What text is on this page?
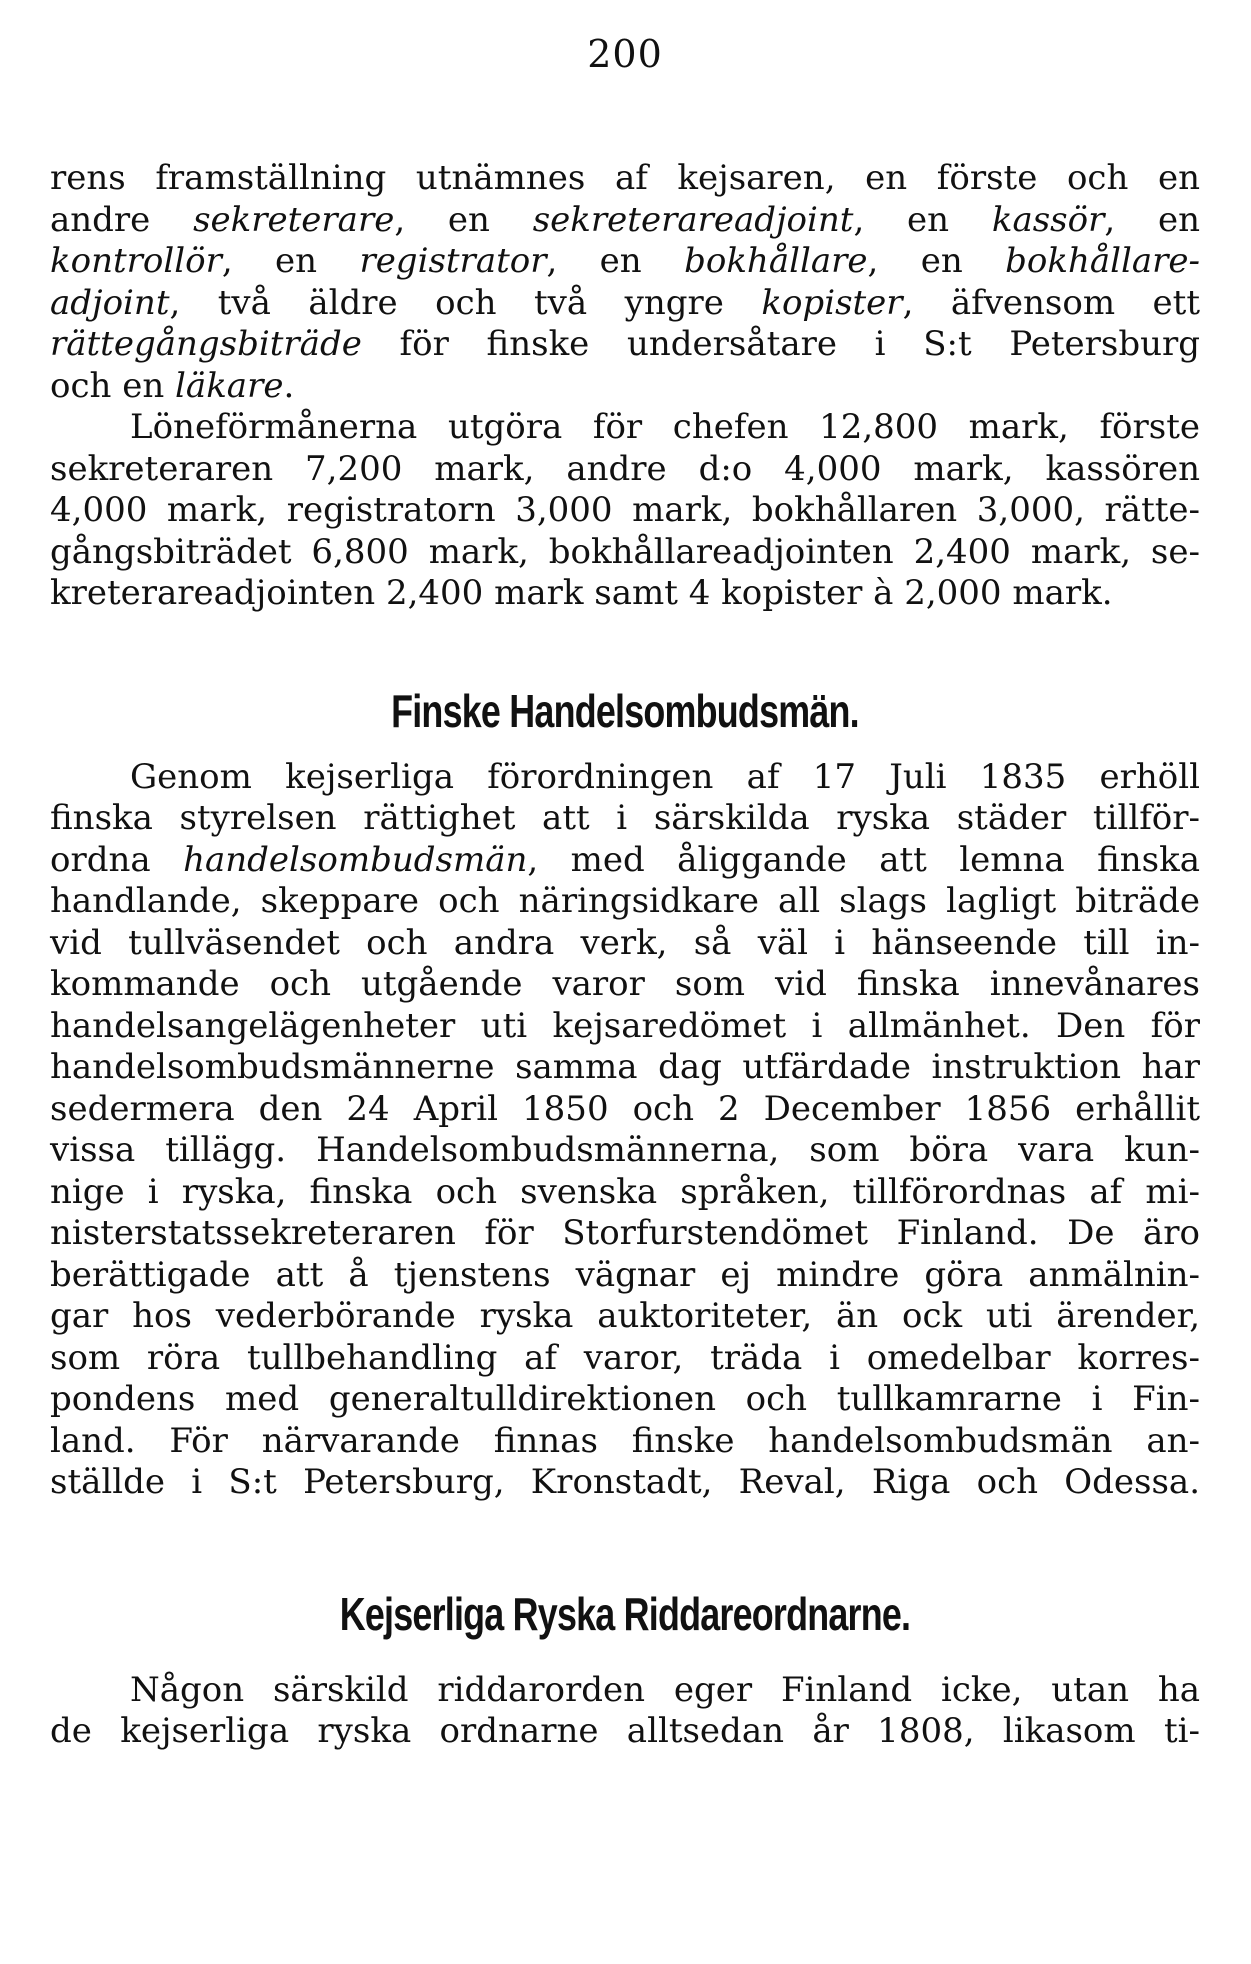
200
rens framställning utnämnes af kejsaren, en förste och en
andre sekreterare, en sekreterareadjoint, en kassör, en
kontrollör, en registrator, en bokhållare, en bokhållare-
adjoint, två äldre och två yngre kopister, äfvensom ett
rättegångsbiträde för finske undersåtare i S:t Petersburg
och en läkare.
Löneförmånerna utgöra för chefen 12,800 mark, förste
sekreteraren 7,200 mark, andre d:o 4,000 mark, kassören
4,000 mark, registratorn 3,000 mark, bokhållaren 3,000, rätte-
gångsbiträdet 6,800 mark, bokhållareadjointen 2,400 mark, se-
kreterareadjointen 2,400 mark samt 4 kopister à 2,000 mark.
Finske Handelsombudsmän.
Genom kejserliga förordningen af 17 Juli 1835 erhöll
finska styrelsen rättighet att i särskilda ryska städer tillför-
ordna handelsombudsmän, med åliggande att lemna finska
handlande, skeppare och näringsidkare all slags lagligt biträde
vid tullväsendet och andra verk, så väl i hänseende till in-
kommande och utgående varor som vid finska innevånares
handelsangelägenheter uti kejsaredömet i allmänhet. Den för
handelsombudsmännerne samma dag utfärdade instruktion har
sedermera den 24 April 1850 och 2 December 1856 erhållit
vissa tillägg. Handelsombudsmännerna, som böra vara kun-
nige i ryska, finska och svenska språken, tillförordnas af mi-
nisterstatssekreteraren för Storfurstendömet Finland. De äro
berättigade att å tjenstens vägnar ej mindre göra anmälnin-
gar hos vederbörande ryska auktoriteter, än ock uti ärender,
som röra tullbehandling af varor, träda i omedelbar korres-
pondens med generaltulldirektionen och tullkamrarne i Fin-
land. För närvarande finnas finske handelsombudsmän an-
ställde i S:t Petersburg, Kronstadt, Reval, Riga och Odessa.
Kejserliga Ryska Riddareordnarne.
Någon särskild riddarorden eger Finland icke, utan ha
de kejserliga ryska ordnarne alltsedan år 1808, likasom ti-
